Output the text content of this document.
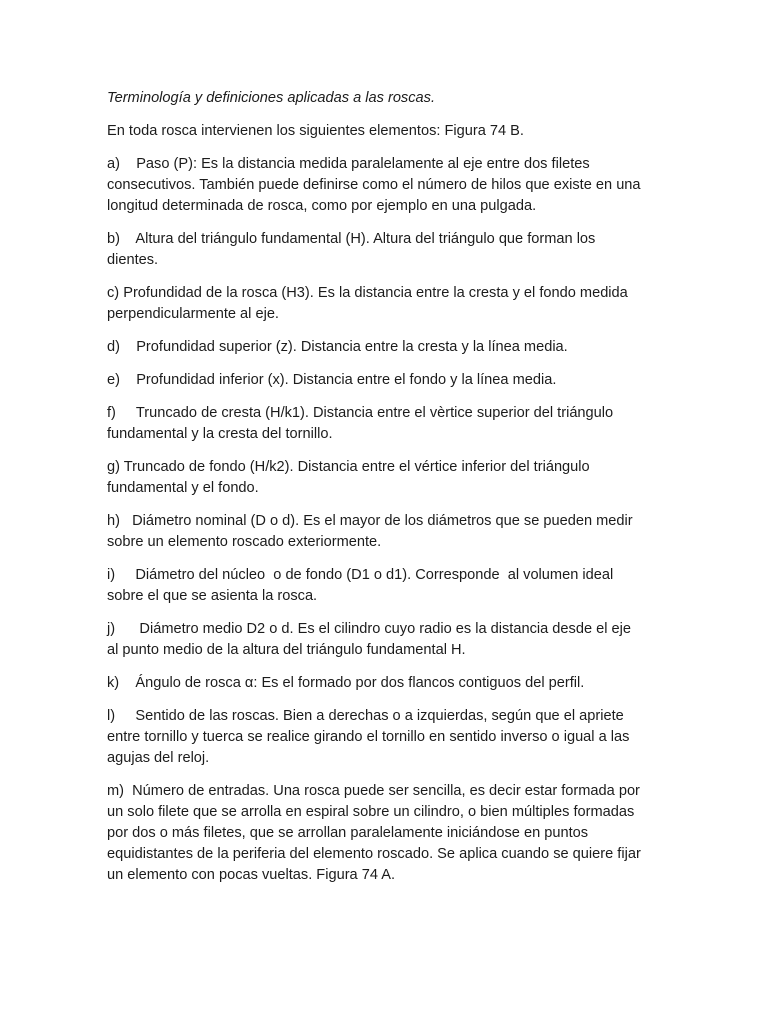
Terminología y definiciones aplicadas a las roscas.

En toda rosca intervienen los siguientes elementos: Figura 74 B.

a)    Paso (P): Es la distancia medida paralelamente al eje entre dos filetes
consecutivos. También puede definirse como el número de hilos que existe en una
longitud determinada de rosca, como por ejemplo en una pulgada.

b)    Altura del triángulo fundamental (H). Altura del triángulo que forman los
dientes.

c) Profundidad de la rosca (H3). Es la distancia entre la cresta y el fondo medida
perpendicularmente al eje.

d)    Profundidad superior (z). Distancia entre la cresta y la línea media.

e)    Profundidad inferior (x). Distancia entre el fondo y la línea media.

f)     Truncado de cresta (H/k1). Distancia entre el vèrtice superior del triángulo
fundamental y la cresta del tornillo.

g) Truncado de fondo (H/k2). Distancia entre el vértice inferior del triángulo
fundamental y el fondo.

h)   Diámetro nominal (D o d). Es el mayor de los diámetros que se pueden medir
sobre un elemento roscado exteriormente.

i)     Diámetro del núcleo  o de fondo (D1 o d1). Corresponde  al volumen ideal
sobre el que se asienta la rosca.

j)      Diámetro medio D2 o d. Es el cilindro cuyo radio es la distancia desde el eje
al punto medio de la altura del triángulo fundamental H.

k)    Ángulo de rosca α: Es el formado por dos flancos contiguos del perfil.

l)     Sentido de las roscas. Bien a derechas o a izquierdas, según que el apriete
entre tornillo y tuerca se realice girando el tornillo en sentido inverso o igual a las
agujas del reloj.

m)  Número de entradas. Una rosca puede ser sencilla, es decir estar formada por
un solo filete que se arrolla en espiral sobre un cilindro, o bien múltiples formadas
por dos o más filetes, que se arrollan paralelamente iniciándose en puntos
equidistantes de la periferia del elemento roscado. Se aplica cuando se quiere fijar
un elemento con pocas vueltas. Figura 74 A.
